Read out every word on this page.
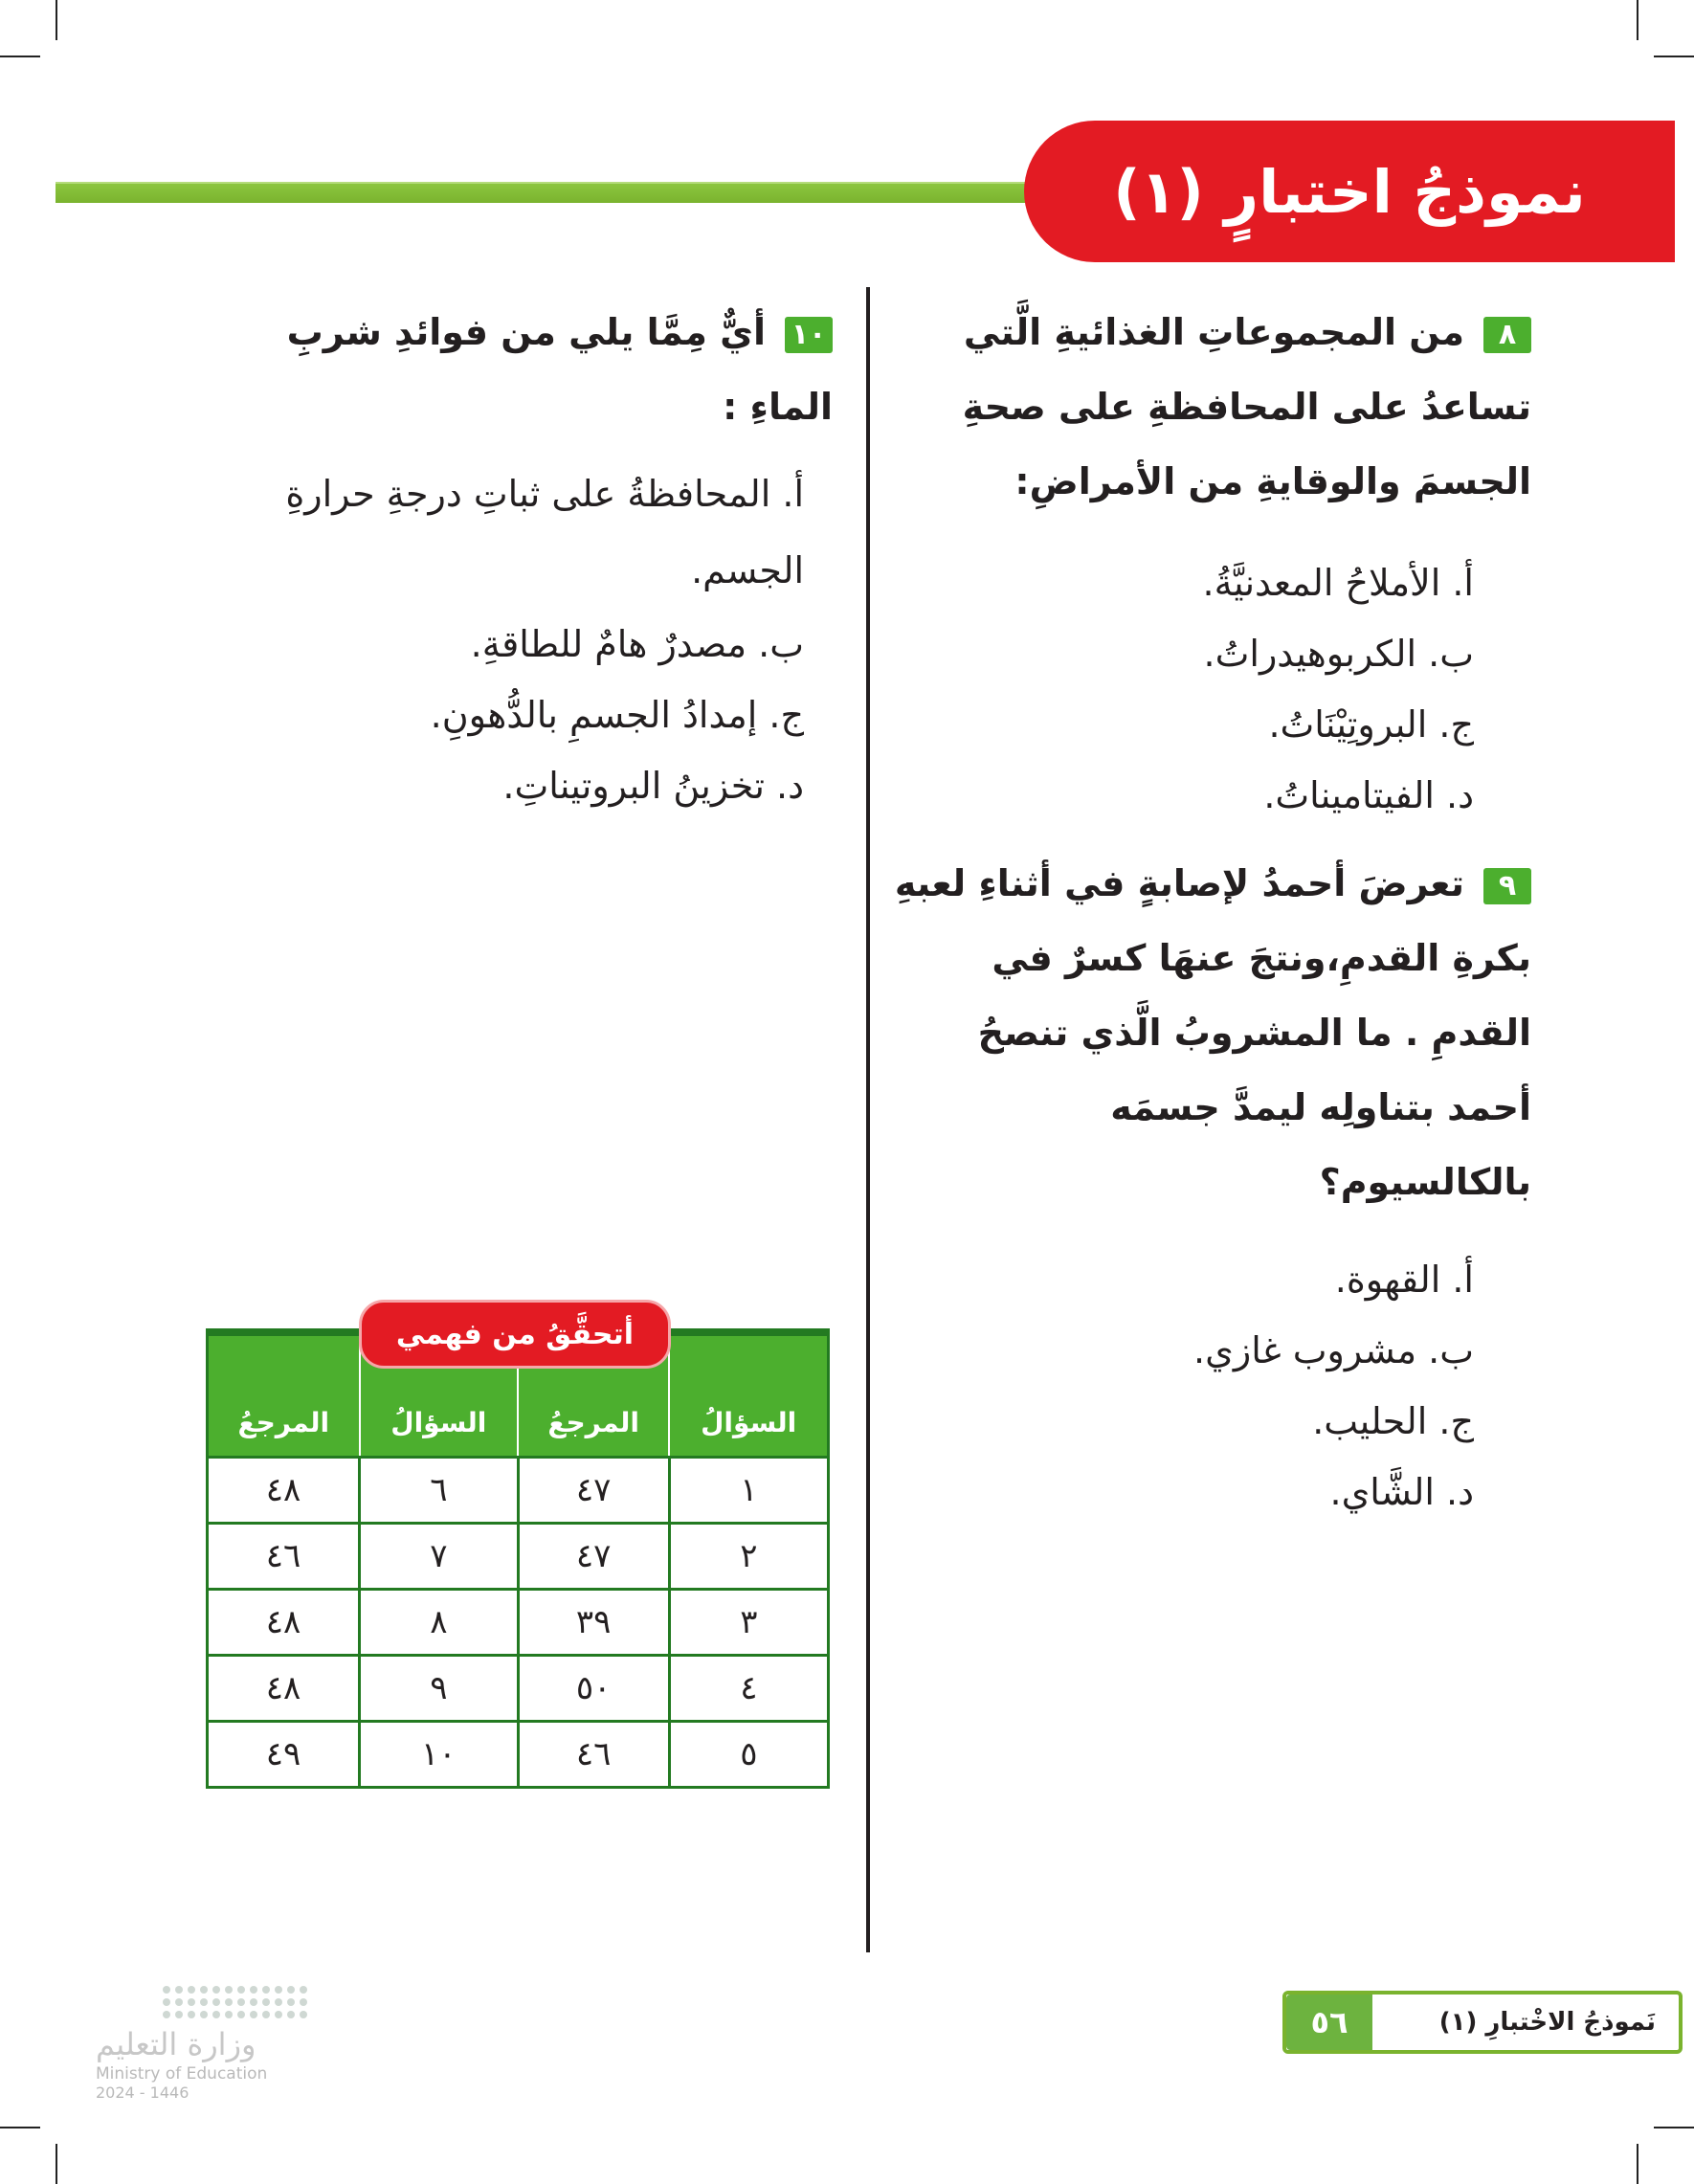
نموذجُ اختبارٍ (١)
٨من المجموعاتِ الغذائيةِ الَّتي تساعدُ على المحافظةِ على صحةِ الجسمَ والوقايةِ من الأمراضِ:
أ. الأملاحُ المعدنيَّةُ.
ب. الكربوهيدراتُ.
ج. البروتِيْنَاتُ.
د. الفيتاميناتُ.
٩تعرضَ أحمدُ لإصابةٍ في أثناءِ لعبهِ بكرةِ القدمِ،ونتجَ عنهَا كسرٌ في القدمِ . ما المشروبُ الَّذي تنصحُ أحمد بتناولِه ليمدَّ جسمَه بالكالسيوم؟
أ. القهوة.
ب. مشروب غازي.
ج. الحليب.
د. الشَّاي.
١٠أيٌّ مِمَّا يلي من فوائدِ شربِ الماءِ :
أ. المحافظةُ على ثباتِ درجةِ حرارةِ الجسم.
ب. مصدرٌ هامٌ للطاقةِ.
ج. إمدادُ الجسمِ بالدُّهونِ.
د. تخزينُ البروتيناتِ.
أتحقَّقُ من فهمي
السؤالُ	المرجعُ	السؤالُ	المرجعُ
١	٤٧	٦	٤٨
٢	٤٧	٧	٤٦
٣	٣٩	٨	٤٨
٤	٥٠	٩	٤٨
٥	٤٦	١٠	٤٩
نَموذجُ الاخْتبارِ (١)
٥٦
وزارة التعليم
Ministry of Education
2024 - 1446
